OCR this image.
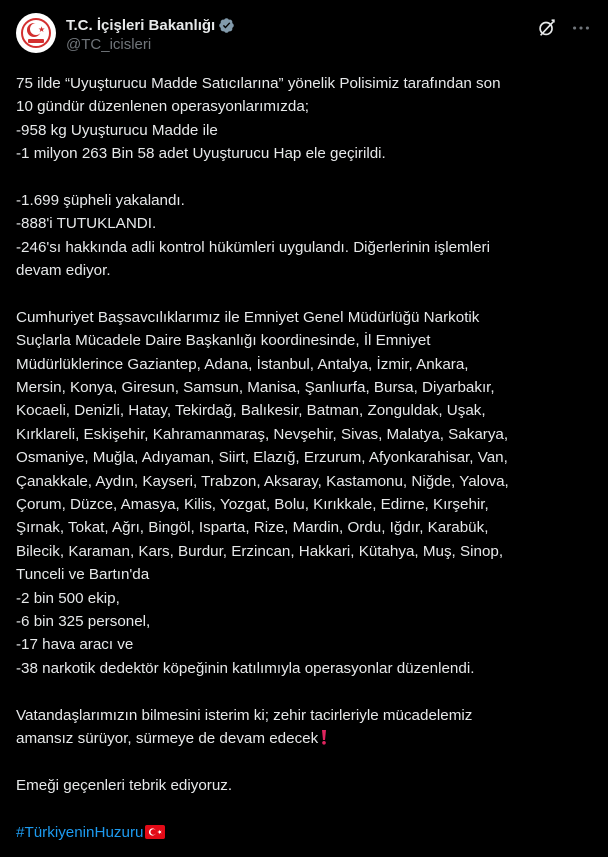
★ T.C. İçişleri Bakanlığı
@TC_icisleri
75 ilde “Uyuşturucu Madde Satıcılarına” yönelik Polisimiz tarafından son
10 gündür düzenlenen operasyonlarımızda;
-958 kg Uyuşturucu Madde ile
-1 milyon 263 Bin 58 adet Uyuşturucu Hap ele geçirildi.
-1.699 şüpheli yakalandı.
-888'i TUTUKLANDI.
-246'sı hakkında adli kontrol hükümleri uygulandı. Diğerlerinin işlemleri
devam ediyor.
Cumhuriyet Başsavcılıklarımız ile Emniyet Genel Müdürlüğü Narkotik
Suçlarla Mücadele Daire Başkanlığı koordinesinde, İl Emniyet
Müdürlüklerince Gaziantep, Adana, İstanbul, Antalya, İzmir, Ankara,
Mersin, Konya, Giresun, Samsun, Manisa, Şanlıurfa, Bursa, Diyarbakır,
Kocaeli, Denizli, Hatay, Tekirdağ, Balıkesir, Batman, Zonguldak, Uşak,
Kırklareli, Eskişehir, Kahramanmaraş, Nevşehir, Sivas, Malatya, Sakarya,
Osmaniye, Muğla, Adıyaman, Siirt, Elazığ, Erzurum, Afyonkarahisar, Van,
Çanakkale, Aydın, Kayseri, Trabzon, Aksaray, Kastamonu, Niğde, Yalova,
Çorum, Düzce, Amasya, Kilis, Yozgat, Bolu, Kırıkkale, Edirne, Kırşehir,
Şırnak, Tokat, Ağrı, Bingöl, Isparta, Rize, Mardin, Ordu, Iğdır, Karabük,
Bilecik, Karaman, Kars, Burdur, Erzincan, Hakkari, Kütahya, Muş, Sinop,
Tunceli ve Bartın'da
-2 bin 500 ekip,
-6 bin 325 personel,
-17 hava aracı ve
-38 narkotik dedektör köpeğinin katılımıyla operasyonlar düzenlendi.
Vatandaşlarımızın bilmesini isterim ki; zehir tacirleriyle mücadelemiz
amansız sürüyor, sürmeye de devam edecek
Emeği geçenleri tebrik ediyoruz.
#TürkiyeninHuzuru
